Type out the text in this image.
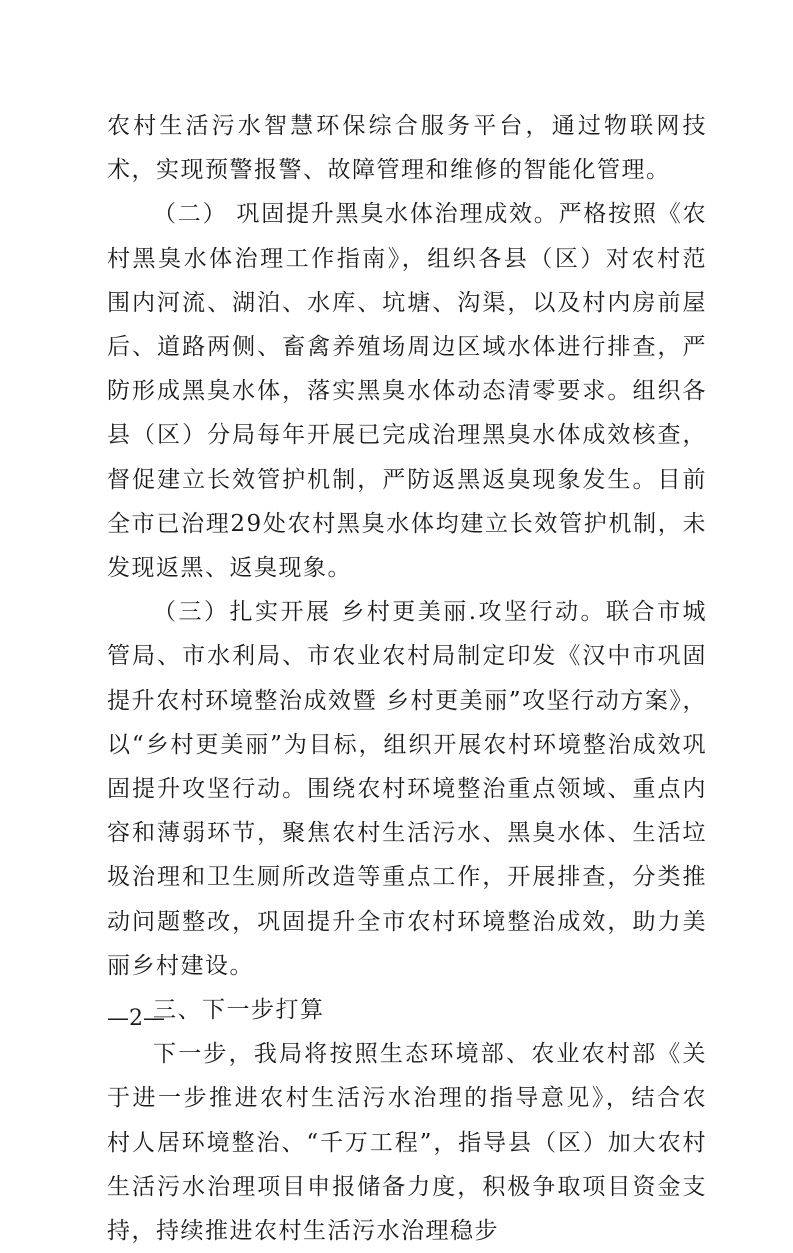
农村生活污水智慧环保综合服务平台，通过物联网技术，实现预警报警、故障管理和维修的智能化管理。

（二） 巩固提升黑臭水体治理成效。严格按照《农村黑臭水体治理工作指南》，组织各县（区）对农村范围内河流、湖泊、水库、坑塘、沟渠，以及村内房前屋后、道路两侧、畜禽养殖场周边区域水体进行排查，严防形成黑臭水体，落实黑臭水体动态清零要求。组织各县（区）分局每年开展已完成治理黑臭水体成效核查，督促建立长效管护机制，严防返黑返臭现象发生。目前全市已治理29处农村黑臭水体均建立长效管护机制，未发现返黑、返臭现象。

（三）扎实开展 乡村更美丽.攻坚行动。联合市城管局、市水利局、市农业农村局制定印发《汉中市巩固提升农村环境整治成效暨 乡村更美丽”攻坚行动方案》，以“乡村更美丽”为目标，组织开展农村环境整治成效巩固提升攻坚行动。围绕农村环境整治重点领域、重点内容和薄弱环节，聚焦农村生活污水、黑臭水体、生活垃圾治理和卫生厕所改造等重点工作，开展排查，分类推动问题整改，巩固提升全市农村环境整治成效，助力美丽乡村建设。

三、下一步打算

下一步，我局将按照生态环境部、农业农村部《关于进一步推进农村生活污水治理的指导意见》，结合农村人居环境整治、“千万工程”，指导县（区）加大农村生活污水治理项目申报储备力度，积极争取项目资金支持，持续推进农村生活污水治理稳步

—2—
